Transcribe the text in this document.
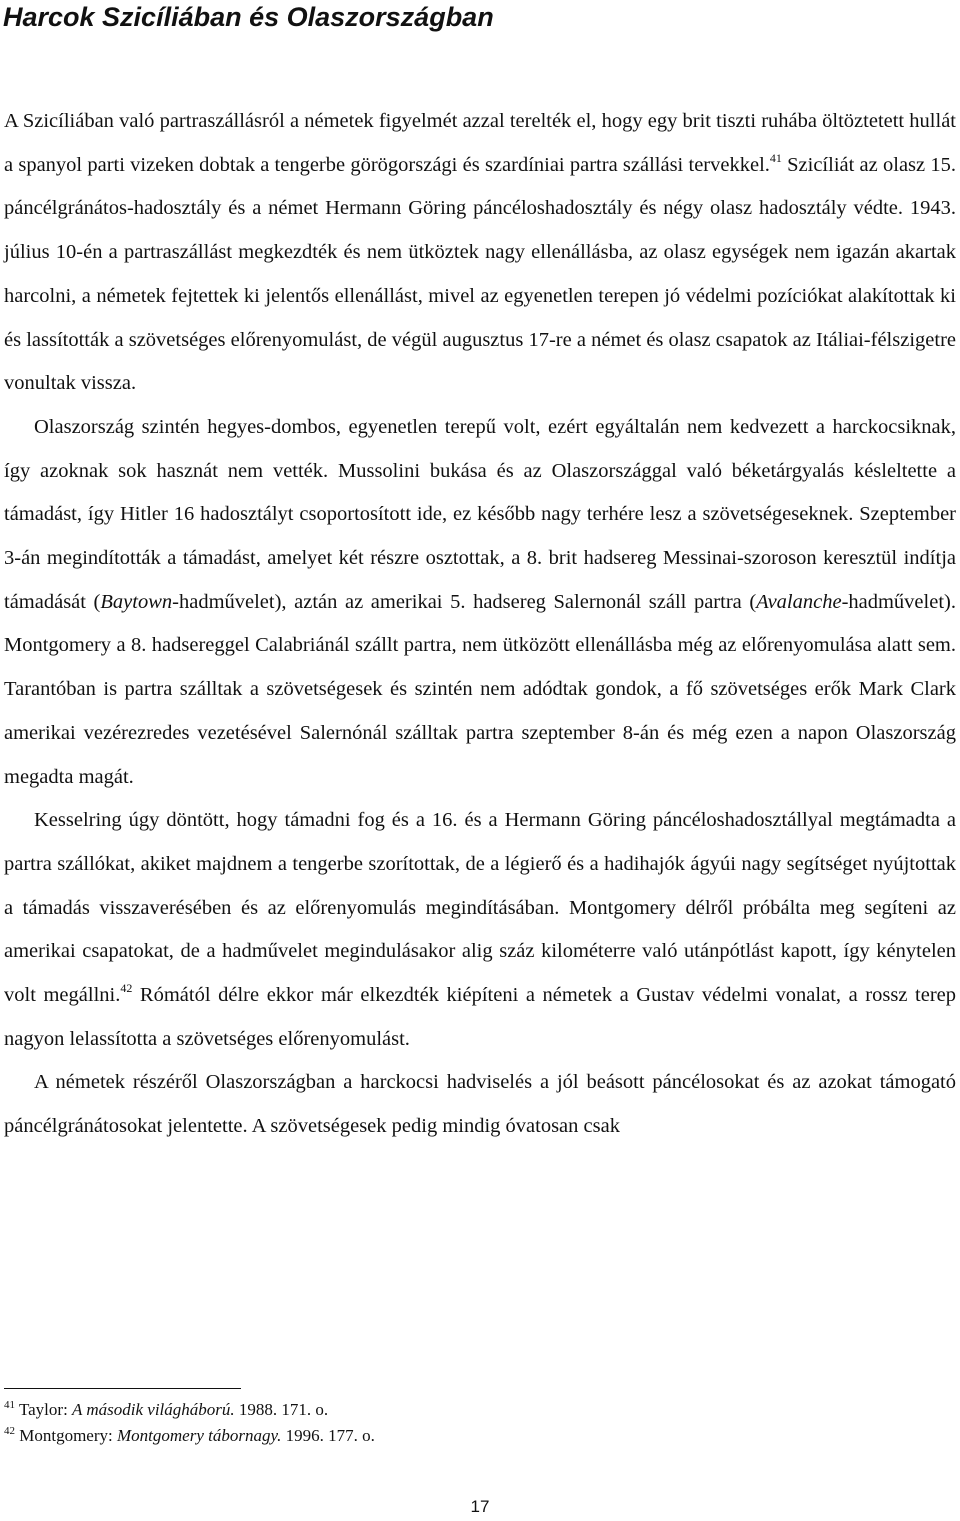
Harcok Szicíliában és Olaszországban

A Szicíliában való partraszállásról a németek figyelmét azzal terelték el, hogy egy brit tiszti ruhába öltöztetett hullát a spanyol parti vizeken dobtak a tengerbe görögországi és szardíniai partra szállási tervekkel.$^{41}$ Szicíliát az olasz 15. páncélgránátos-hadosztály és a német Hermann Göring páncéloshadosztály és négy olasz hadosztály védte. 1943. július 10-én a partraszállást megkezdték és nem ütköztek nagy ellenállásba, az olasz egységek nem igazán akartak harcolni, a németek fejtettek ki jelentős ellenállást, mivel az egyenetlen terepen jó védelmi pozíciókat alakítottak ki és lassították a szövetséges előrenyomulást, de végül augusztus 17-re a német és olasz csapatok az Itáliai-félszigetre vonultak vissza.

Olaszország szintén hegyes-dombos, egyenetlen terepű volt, ezért egyáltalán nem kedvezett a harckocsiknak, így azoknak sok hasznát nem vették. Mussolini bukása és az Olaszországgal való béketárgyalás késleltette a támadást, így Hitler 16 hadosztályt csoportosított ide, ez később nagy terhére lesz a szövetségeseknek. Szeptember 3-án megindították a támadást, amelyet két részre osztottak, a 8. brit hadsereg Messinai-szoroson keresztül indítja támadását (Baytown-hadművelet), aztán az amerikai 5. hadsereg Salernonál száll partra (Avalanche-hadművelet). Montgomery a 8. hadsereggel Calabriánál szállt partra, nem ütközött ellenállásba még az előrenyomulása alatt sem. Tarantóban is partra szálltak a szövetségesek és szintén nem adódtak gondok, a fő szövetséges erők Mark Clark amerikai vezérezredes vezetésével Salernónál szálltak partra szeptember 8-án és még ezen a napon Olaszország megadta magát.

Kesselring úgy döntött, hogy támadni fog és a 16. és a Hermann Göring páncéloshadosztállyal megtámadta a partra szállókat, akiket majdnem a tengerbe szorítottak, de a légierő és a hadihajók ágyúi nagy segítséget nyújtottak a támadás visszaverésében és az előrenyomulás megindításában. Montgomery délről próbálta meg segíteni az amerikai csapatokat, de a hadművelet megindulásakor alig száz kilométerre való utánpótlást kapott, így kénytelen volt megállni.$^{42}$ Rómától délre ekkor már elkezdték kiépíteni a németek a Gustav védelmi vonalat, a rossz terep nagyon lelassította a szövetséges előrenyomulást.

A németek részéről Olaszországban a harckocsi hadviselés a jól beásott páncélosokat és az azokat támogató páncélgránátosokat jelentette. A szövetségesek pedig mindig óvatosan csak

$^{41}$ Taylor: A második világháború. 1988. 171. o.
$^{42}$ Montgomery: Montgomery tábornagy. 1996. 177. o.
17
